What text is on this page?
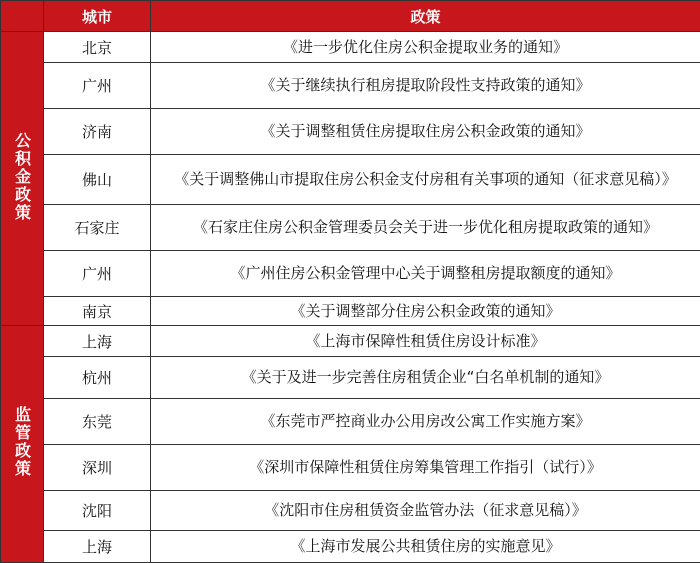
	城市	政策
公积金政策	北京	《进一步优化住房公积金提取业务的通知》
	广州	《关于继续执行租房提取阶段性支持政策的通知》
	济南	《关于调整租赁住房提取住房公积金政策的通知》
	佛山	《关于调整佛山市提取住房公积金支付房租有关事项的通知（征求意见稿）》
	石家庄	《石家庄住房公积金管理委员会关于进一步优化租房提取政策的通知》
	广州	《广州住房公积金管理中心关于调整租房提取额度的通知》
	南京	《关于调整部分住房公积金政策的通知》
监管政策	上海	《上海市保障性租赁住房设计标准》
	杭州	《关于及进一步完善住房租赁企业“白名单机制的通知》
	东莞	《东莞市严控商业办公用房改公寓工作实施方案》
	深圳	《深圳市保障性租赁住房筹集管理工作指引（试行）》
	沈阳	《沈阳市住房租赁资金监管办法（征求意见稿）》
	上海	《上海市发展公共租赁住房的实施意见》
